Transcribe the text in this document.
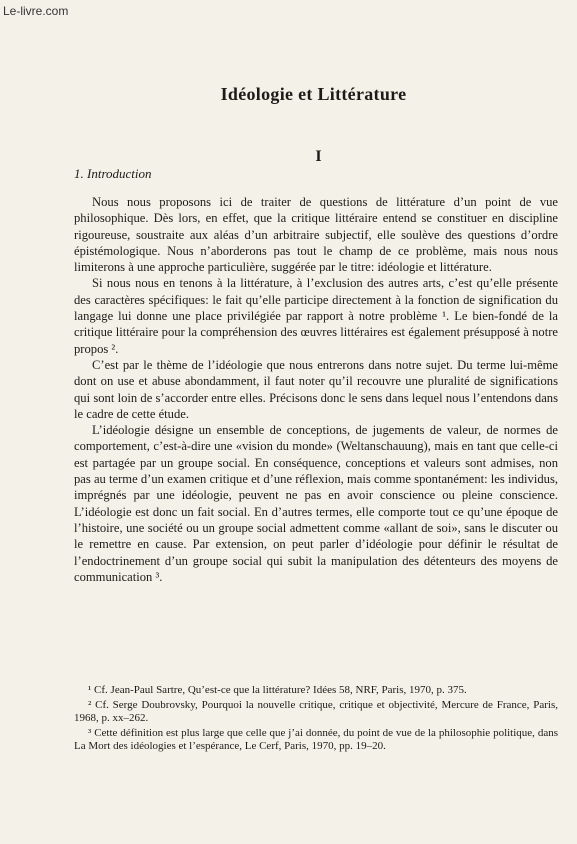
Le-livre.com
Idéologie et Littérature
I
1. Introduction

Nous nous proposons ici de traiter de questions de littérature d’un point de vue philosophique. Dès lors, en effet, que la critique littéraire entend se constituer en discipline rigoureuse, soustraite aux aléas d’un arbitraire subjectif, elle soulève des questions d’ordre épistémologique. Nous n’aborderons pas tout le champ de ce problème, mais nous nous limiterons à une approche particulière, suggérée par le titre: idéologie et littérature.

Si nous nous en tenons à la littérature, à l’exclusion des autres arts, c’est qu’elle présente des caractères spécifiques: le fait qu’elle participe directement à la fonction de signification du langage lui donne une place privilégiée par rapport à notre problème ¹. Le bien-fondé de la critique littéraire pour la compréhension des œuvres littéraires est également présupposé à notre propos ².

C’est par le thème de l’idéologie que nous entrerons dans notre sujet. Du terme lui-même dont on use et abuse abondamment, il faut noter qu’il recouvre une pluralité de significations qui sont loin de s’accorder entre elles. Précisons donc le sens dans lequel nous l’entendons dans le cadre de cette étude.

L’idéologie désigne un ensemble de conceptions, de jugements de valeur, de normes de comportement, c’est-à-dire une «vision du monde» (Weltanschauung), mais en tant que celle-ci est partagée par un groupe social. En conséquence, conceptions et valeurs sont admises, non pas au terme d’un examen critique et d’une réflexion, mais comme spontanément: les individus, imprégnés par une idéologie, peuvent ne pas en avoir conscience ou pleine conscience. L’idéologie est donc un fait social. En d’autres termes, elle comporte tout ce qu’une époque de l’histoire, une société ou un groupe social admettent comme «allant de soi», sans le discuter ou le remettre en cause. Par extension, on peut parler d’idéologie pour définir le résultat de l’endoctrinement d’un groupe social qui subit la manipulation des détenteurs des moyens de communication ³.

¹ Cf. Jean-Paul Sartre, Qu’est-ce que la littérature? Idées 58, NRF, Paris, 1970, p. 375.

² Cf. Serge Doubrovsky, Pourquoi la nouvelle critique, critique et objectivité, Mercure de France, Paris, 1968, p. xx–262.

³ Cette définition est plus large que celle que j’ai donnée, du point de vue de la philosophie politique, dans La Mort des idéologies et l’espérance, Le Cerf, Paris, 1970, pp. 19–20.
